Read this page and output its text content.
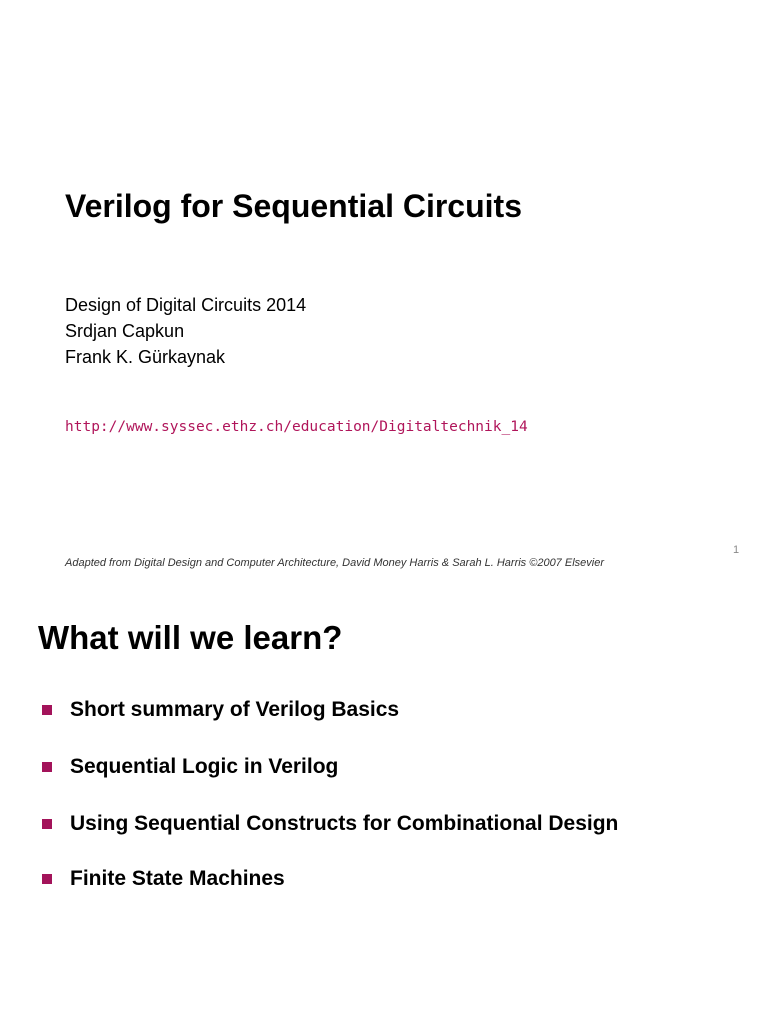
Verilog for Sequential Circuits
Design of Digital Circuits 2014
Srdjan Capkun
Frank K. Gürkaynak
http://www.syssec.ethz.ch/education/Digitaltechnik_14
Adapted from Digital Design and Computer Architecture, David Money Harris & Sarah L. Harris ©2007 Elsevier
1
What will we learn?
Short summary of Verilog Basics
Sequential Logic in Verilog
Using Sequential Constructs for Combinational Design
Finite State Machines
